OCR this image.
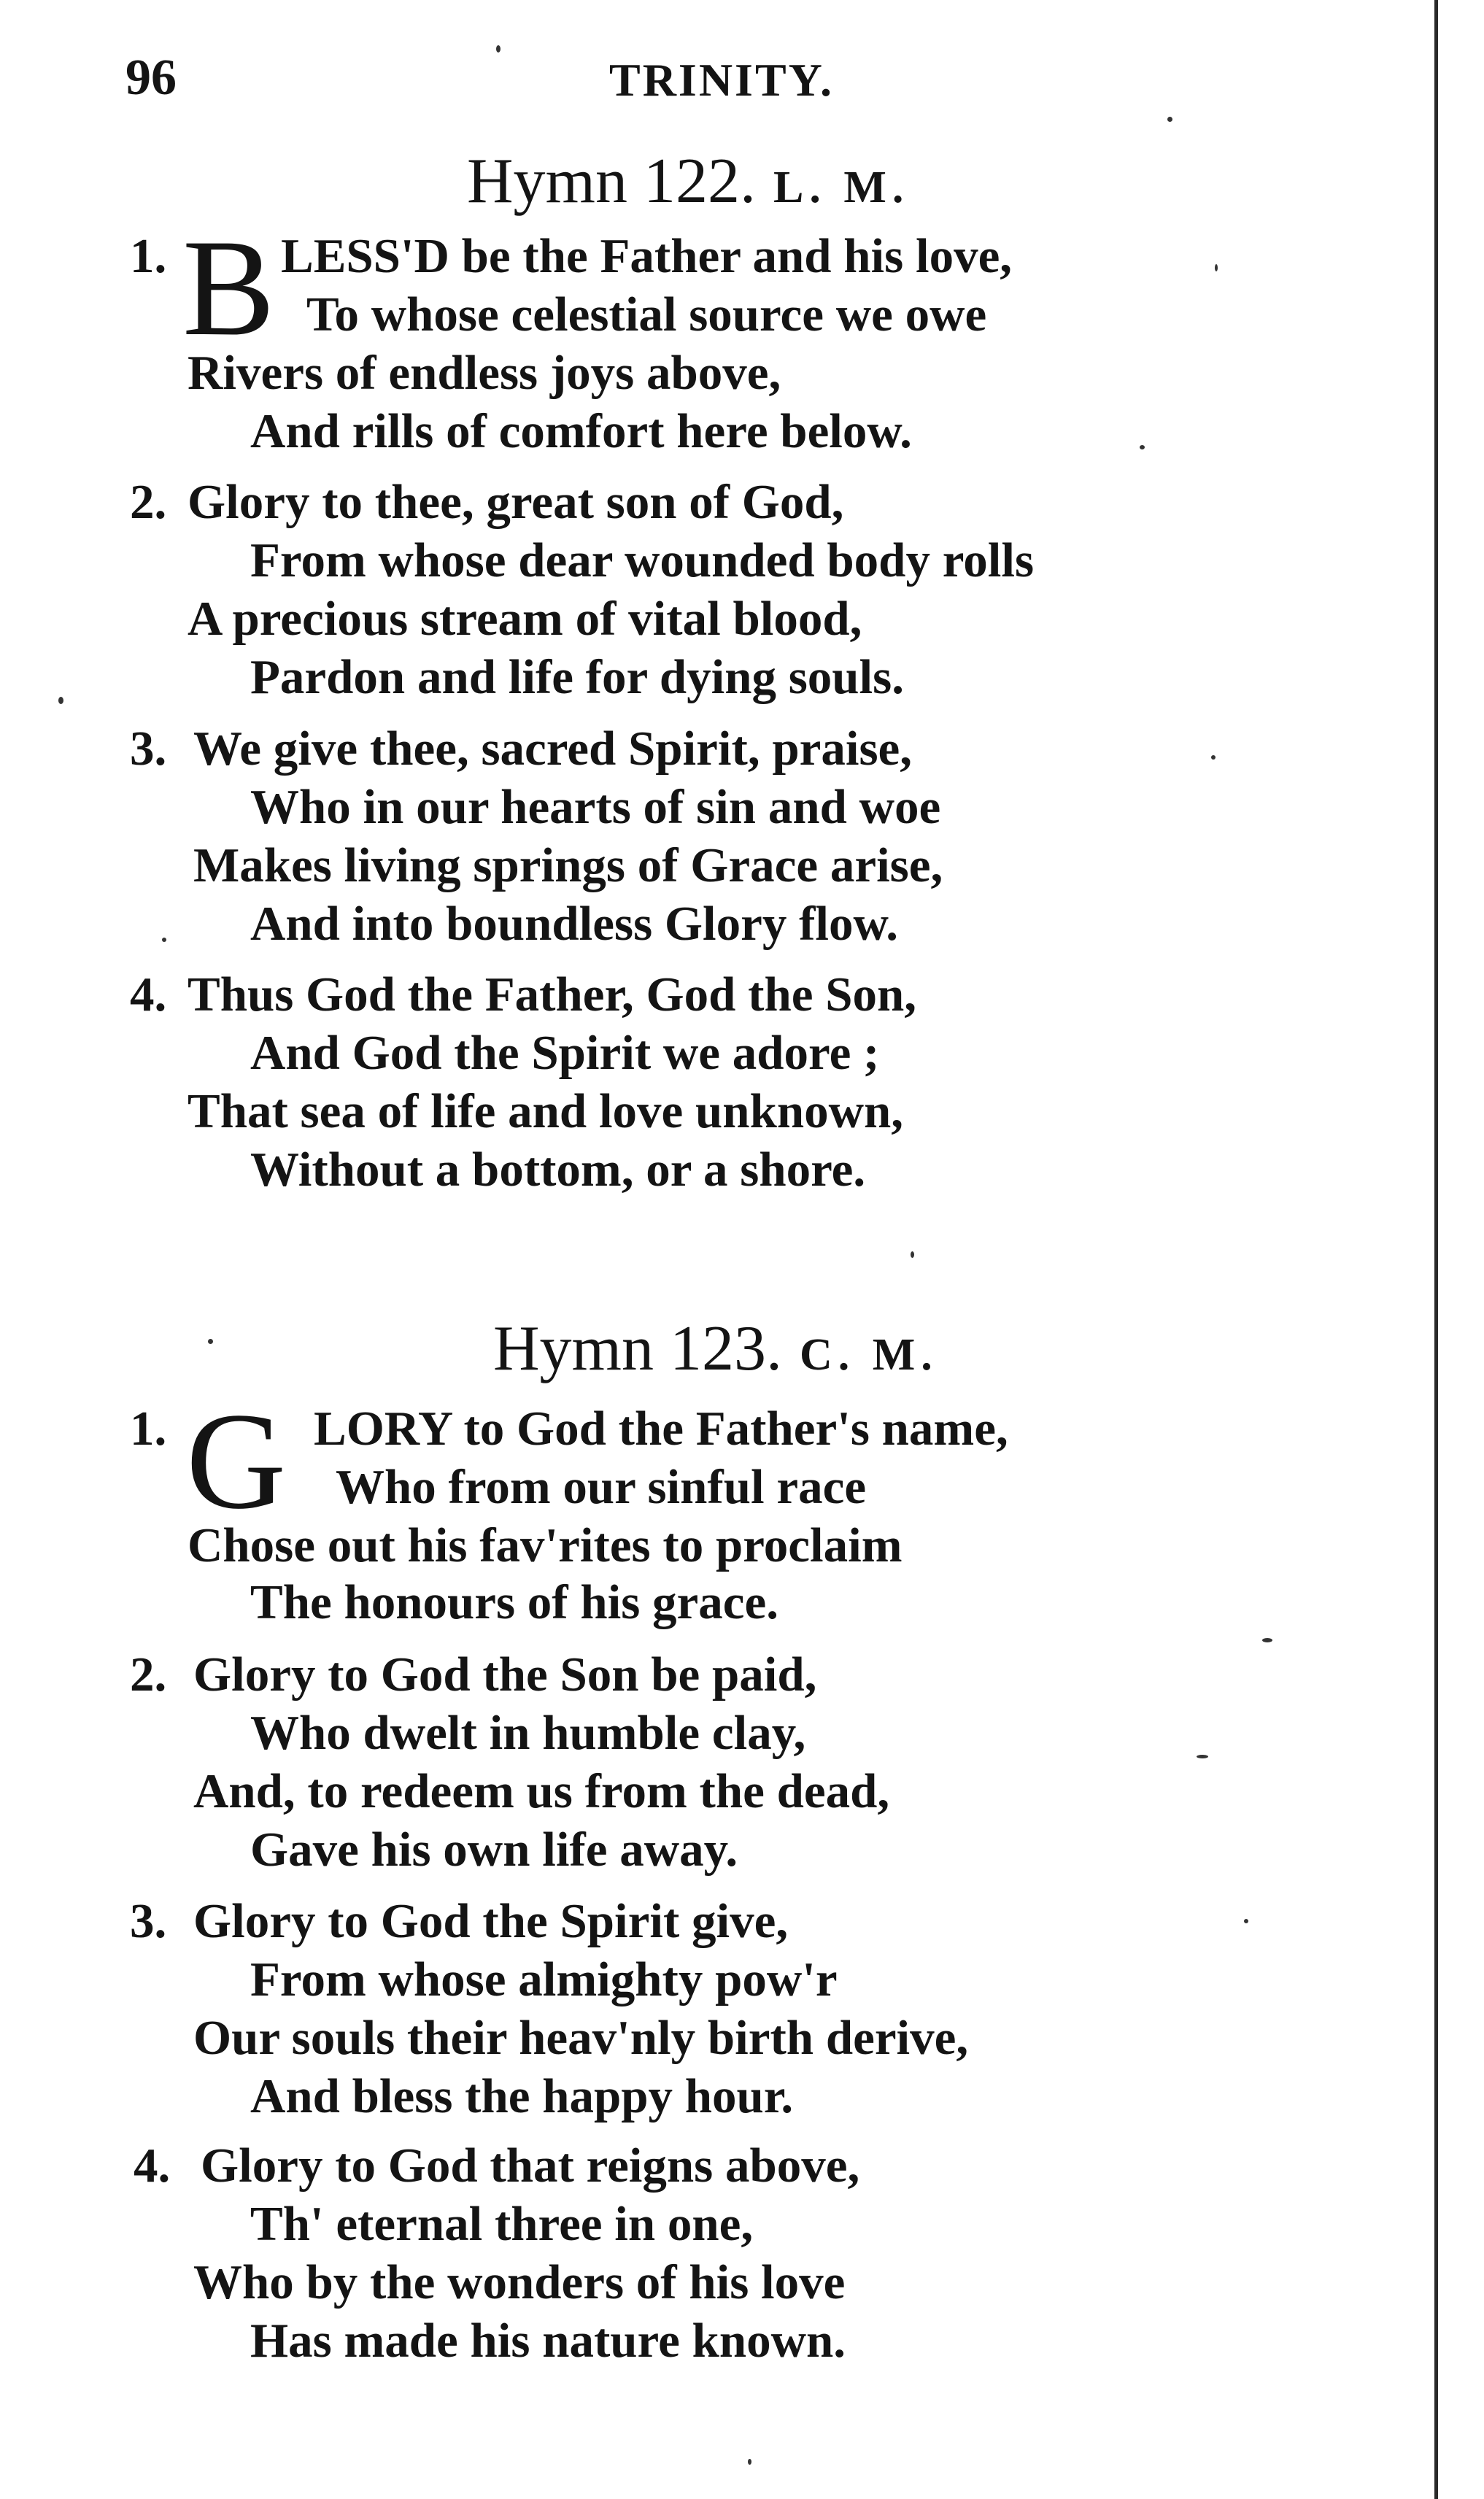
96	TRINITY.
Hymn 122. L. M.
1. B LESS'D be the Father and his love,
To whose celestial source we owe
Rivers of endless joys above,
And rills of comfort here below.
2. Glory to thee, great son of God,
From whose dear wounded body rolls
A precious stream of vital blood,
Pardon and life for dying souls.
3. We give thee, sacred Spirit, praise,
Who in our hearts of sin and woe
Makes living springs of Grace arise,
And into boundless Glory flow.
4. Thus God the Father, God the Son,
And God the Spirit we adore ;
That sea of life and love unknown,
Without a bottom, or a shore.
Hymn 123. C. M.
1. G LORY to God the Father's name,
Who from our sinful race
Chose out his fav'rites to proclaim
The honours of his grace.
2. Glory to God the Son be paid,
Who dwelt in humble clay,
And, to redeem us from the dead,
Gave his own life away.
3. Glory to God the Spirit give,
From whose almighty pow'r
Our souls their heav'nly birth derive,
And bless the happy hour.
4. Glory to God that reigns above,
Th' eternal three in one,
Who by the wonders of his love
Has made his nature known.
